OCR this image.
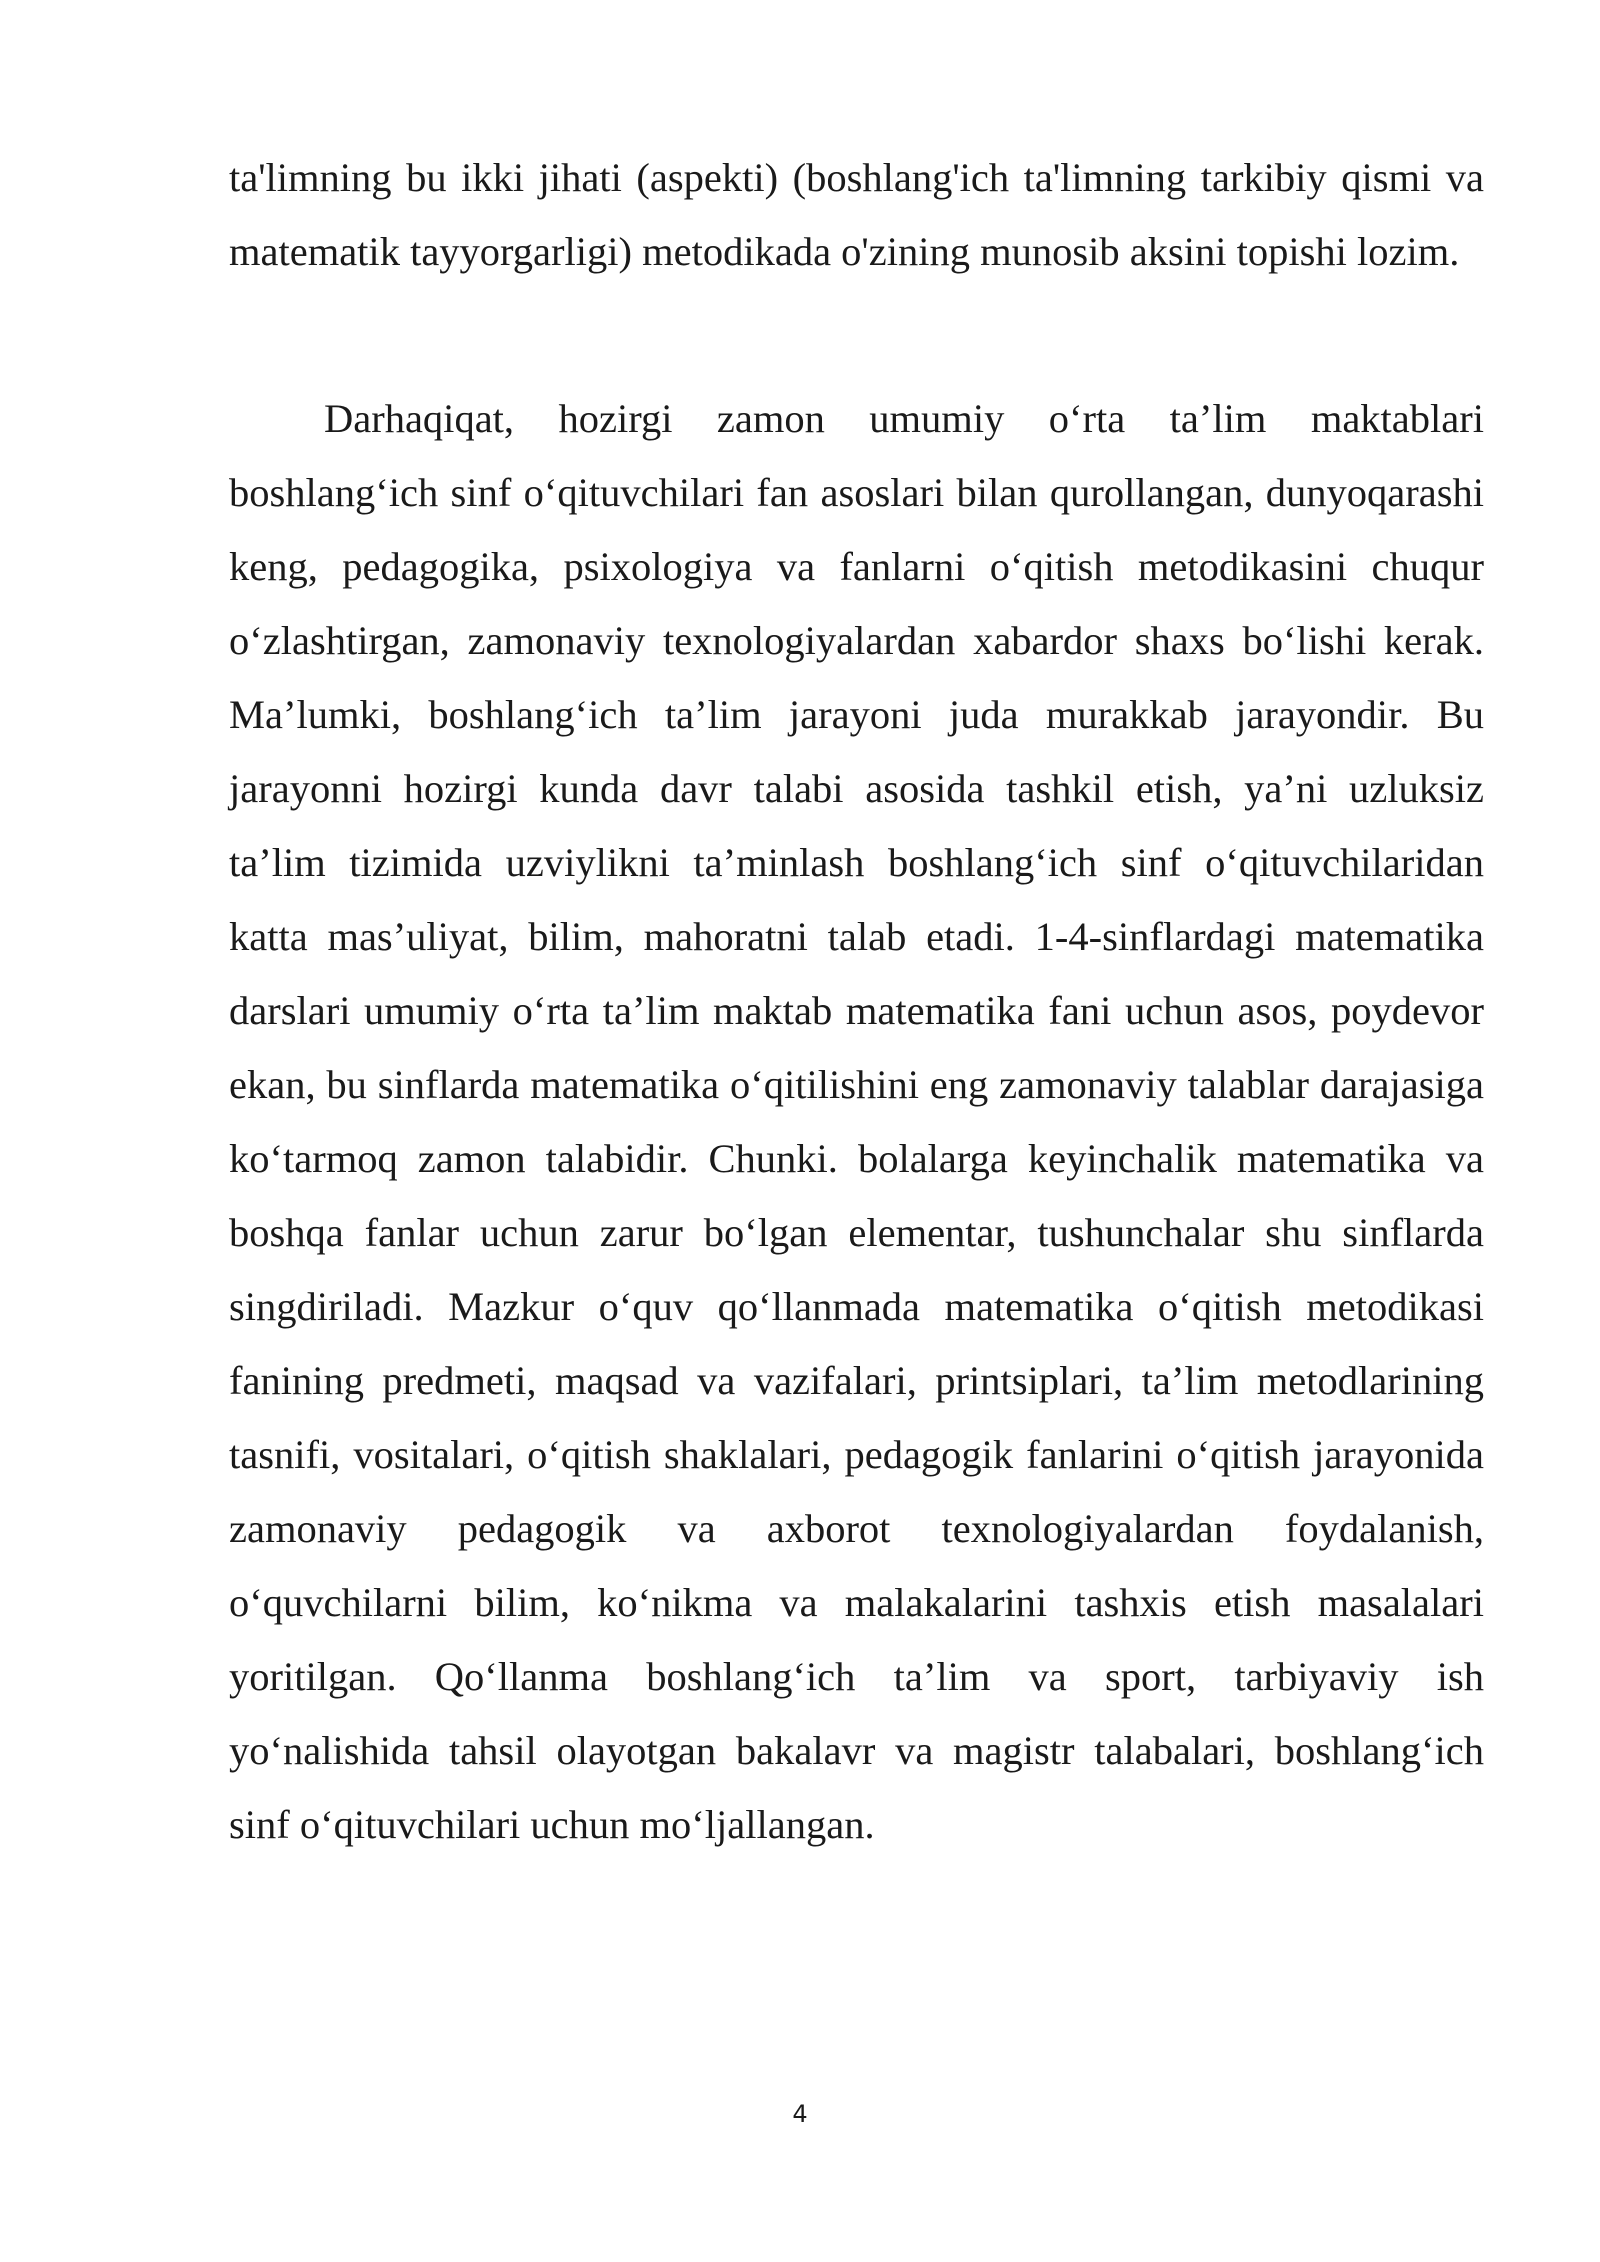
ta'limning bu ikki jihati (aspekti) (boshlang'ich ta'limning tarkibiy qismi va matematik tayyorgarligi) metodikada o'zining munosib aksini topishi lozim.

Darhaqiqat, hozirgi zamon umumiy o‘rta ta’lim maktablari boshlang‘ich sinf o‘qituvchilari fan asoslari bilan qurollangan, dunyoqarashi keng, pedagogika, psixologiya va fanlarni o‘qitish metodikasini chuqur o‘zlashtirgan, zamonaviy texnologiyalardan xabardor shaxs bo‘lishi kerak. Ma’lumki, boshlang‘ich ta’lim jarayoni juda murakkab jarayondir. Bu jarayonni hozirgi kunda davr talabi asosida tashkil etish, ya’ni uzluksiz ta’lim tizimida uzviylikni ta’minlash boshlang‘ich sinf o‘qituvchilaridan katta mas’uliyat, bilim, mahoratni talab etadi. 1-4-sinflardagi matematika darslari umumiy o‘rta ta’lim maktab matematika fani uchun asos, poydevor ekan, bu sinflarda matematika o‘qitilishini eng zamonaviy talablar darajasiga ko‘tarmoq zamon talabidir. Chunki. bolalarga keyinchalik matematika va boshqa fanlar uchun zarur bo‘lgan elementar, tushunchalar shu sinflarda singdiriladi. Mazkur o‘quv qo‘llanmada matematika o‘qitish metodikasi fanining predmeti, maqsad va vazifalari, printsiplari, ta’lim metodlarining tasnifi, vositalari, o‘qitish shaklalari, pedagogik fanlarini o‘qitish jarayonida zamonaviy pedagogik va axborot texnologiyalardan foydalanish, o‘quvchilarni bilim, ko‘nikma va malakalarini tashxis etish masalalari yoritilgan. Qo‘llanma boshlang‘ich ta’lim va sport, tarbiyaviy ish yo‘nalishida tahsil olayotgan bakalavr va magistr talabalari, boshlang‘ich sinf o‘qituvchilari uchun mo‘ljallangan.

4
